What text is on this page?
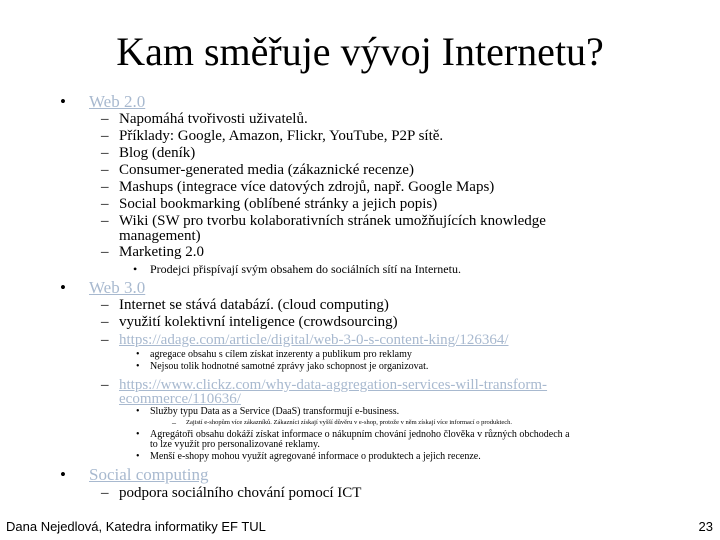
Kam směřuje vývoj Internetu?
• Web 2.0
– Napomáhá tvořivosti uživatelů.
– Příklady: Google, Amazon, Flickr, YouTube, P2P sítě.
– Blog (deník)
– Consumer-generated media (zákaznické recenze)
– Mashups (integrace více datových zdrojů, např. Google Maps)
– Social bookmarking (oblíbené stránky a jejich popis)
– Wiki (SW pro tvorbu kolaborativních stránek umožňujících knowledge
management)
– Marketing 2.0
• Prodejci přispívají svým obsahem do sociálních sítí na Internetu.
• Web 3.0
– Internet se stává databází. (cloud computing)
– využití kolektivní inteligence (crowdsourcing)
– https://adage.com/article/digital/web-3-0-s-content-king/126364/
• agregace obsahu s cílem získat inzerenty a publikum pro reklamy
• Nejsou tolik hodnotné samotné zprávy jako schopnost je organizovat.
– https://www.clickz.com/why-data-aggregation-services-will-transform-
ecommerce/110636/
• Služby typu Data as a Service (DaaS) transformují e-business.
– Zajistí e-shopům více zákazníků. Zákazníci získají vyšší důvěru v e-shop, protože v něm získají více informací o produktech.
• Agregátoři obsahu dokáží získat informace o nákupním chování jednoho člověka v různých obchodech a
to lze využít pro personalizované reklamy.
• Menší e-shopy mohou využít agregované informace o produktech a jejich recenze.
• Social computing
– podpora sociálního chování pomocí ICT
Dana Nejedlová, Katedra informatiky EF TUL	23
